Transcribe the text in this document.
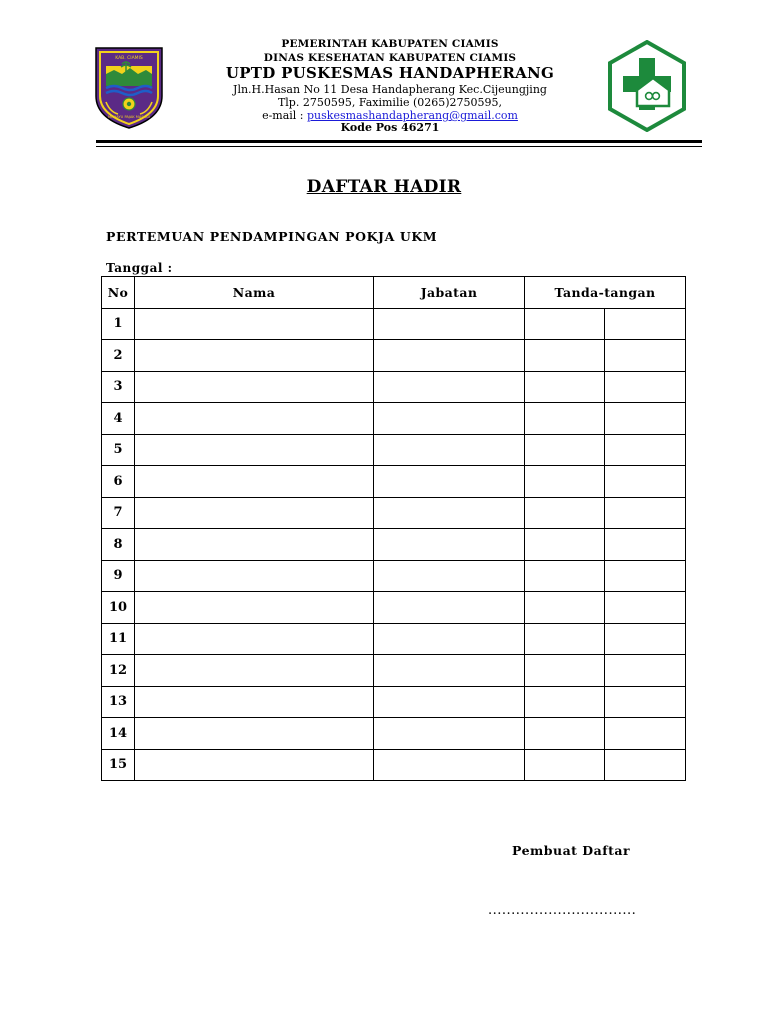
KAB. CIAMIS
MAHAYU PAJAK MASAGI
PEMERINTAH KABUPATEN CIAMIS
DINAS KESEHATAN KABUPATEN CIAMIS
UPTD PUSKESMAS HANDAPHERANG
Jln.H.Hasan No 11 Desa Handapherang Kec.Cijeungjing
Tlp. 2750595, Faximilie (0265)2750595,
e-mail : puskesmashandapherang@gmail.com
Kode Pos 46271
DAFTAR HADIR
PERTEMUAN PENDAMPINGAN POKJA UKM
Tanggal :
No	Nama	Jabatan	Tanda-tangan	
1				
2				
3				
4				
5				
6				
7				
8				
9				
10				
11				
12				
13				
14				
15				
Pembuat Daftar
................................
